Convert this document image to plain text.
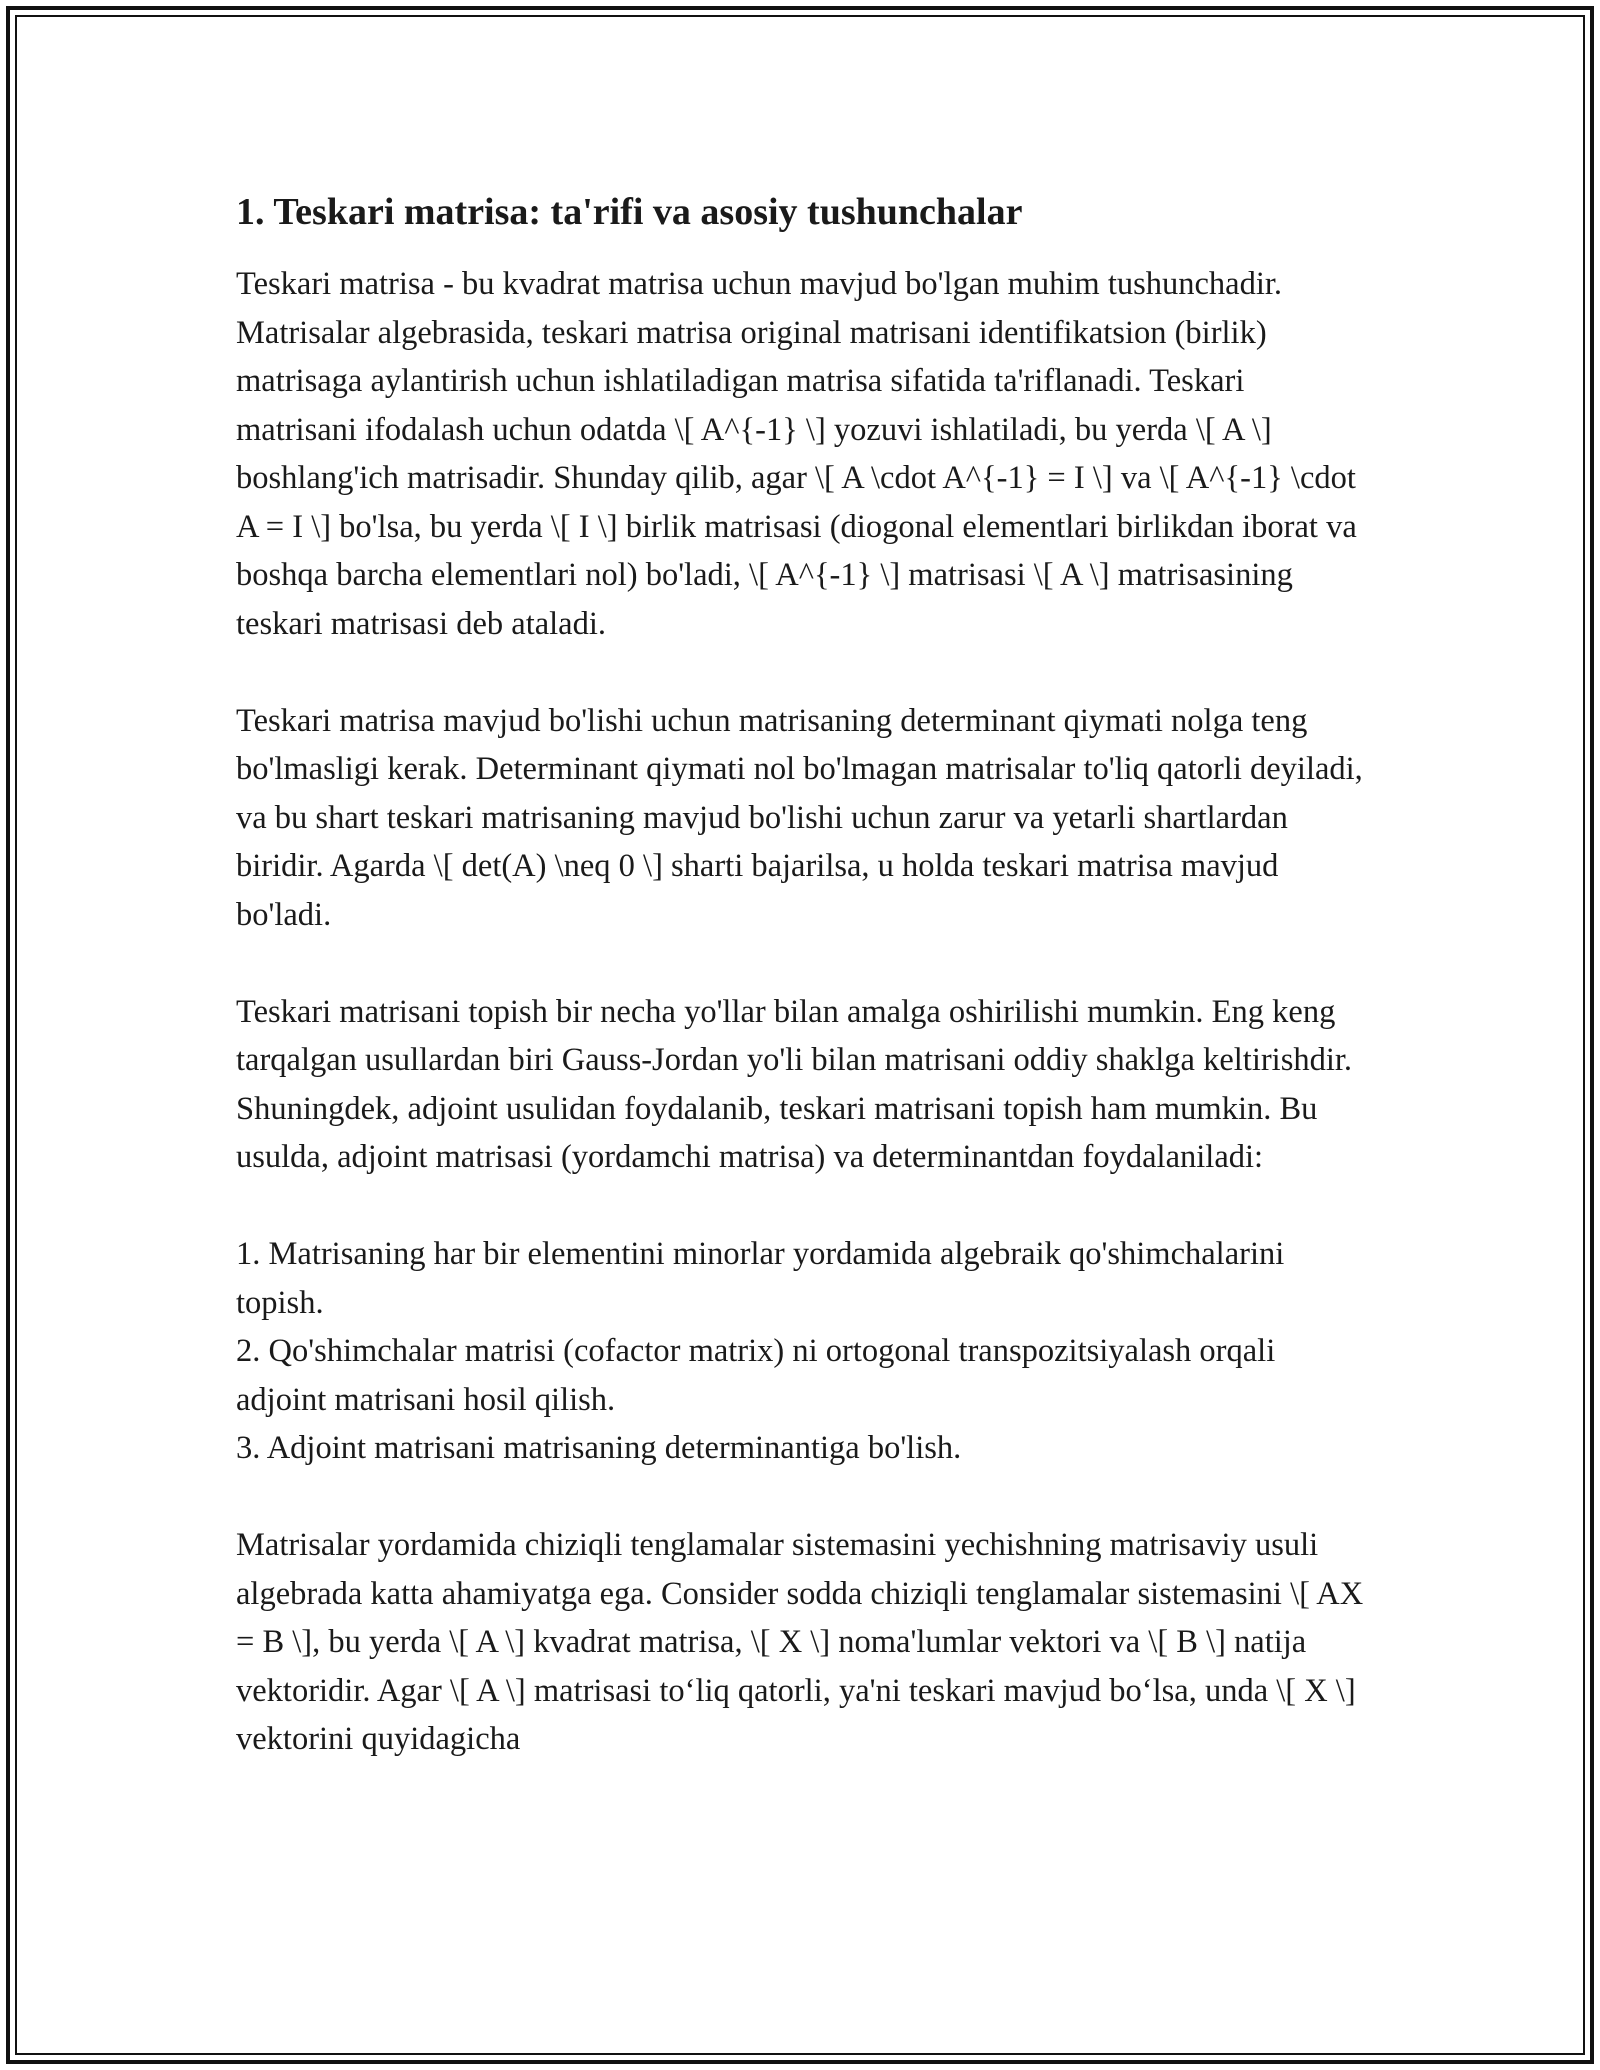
1. Teskari matrisa: ta'rifi va asosiy tushunchalar

Teskari matrisa - bu kvadrat matrisa uchun mavjud bo'lgan muhim tushunchadir. Matrisalar algebrasida, teskari matrisa original matrisani identifikatsion (birlik) matrisaga aylantirish uchun ishlatiladigan matrisa sifatida ta'riflanadi. Teskari matrisani ifodalash uchun odatda \[ A^{-1} \] yozuvi ishlatiladi, bu yerda \[ A \] boshlang'ich matrisadir. Shunday qilib, agar \[ A \cdot A^{-1} = I \] va \[ A^{-1} \cdot A = I \] bo'lsa, bu yerda \[ I \] birlik matrisasi (diogonal elementlari birlikdan iborat va boshqa barcha elementlari nol) bo'ladi, \[ A^{-1} \] matrisasi \[ A \] matrisasining teskari matrisasi deb ataladi.

Teskari matrisa mavjud bo'lishi uchun matrisaning determinant qiymati nolga teng bo'lmasligi kerak. Determinant qiymati nol bo'lmagan matrisalar to'liq qatorli deyiladi, va bu shart teskari matrisaning mavjud bo'lishi uchun zarur va yetarli shartlardan biridir. Agarda \[ det(A) \neq 0 \] sharti bajarilsa, u holda teskari matrisa mavjud bo'ladi.

Teskari matrisani topish bir necha yo'llar bilan amalga oshirilishi mumkin. Eng keng tarqalgan usullardan biri Gauss-Jordan yo'li bilan matrisani oddiy shaklga keltirishdir. Shuningdek, adjoint usulidan foydalanib, teskari matrisani topish ham mumkin. Bu usulda, adjoint matrisasi (yordamchi matrisa) va determinantdan foydalaniladi:

1. Matrisaning har bir elementini minorlar yordamida algebraik qo'shimchalarini topish.
2. Qo'shimchalar matrisi (cofactor matrix) ni ortogonal transpozitsiyalash orqali adjoint matrisani hosil qilish.
3. Adjoint matrisani matrisaning determinantiga bo'lish.

Matrisalar yordamida chiziqli tenglamalar sistemasini yechishning matrisaviy usuli algebrada katta ahamiyatga ega. Consider sodda chiziqli tenglamalar sistemasini \[ AX = B \], bu yerda \[ A \] kvadrat matrisa, \[ X \] noma'lumlar vektori va \[ B \] natija vektoridir. Agar \[ A \] matrisasi to‘liq qatorli, ya'ni teskari mavjud bo‘lsa, unda \[ X \] vektorini quyidagicha
